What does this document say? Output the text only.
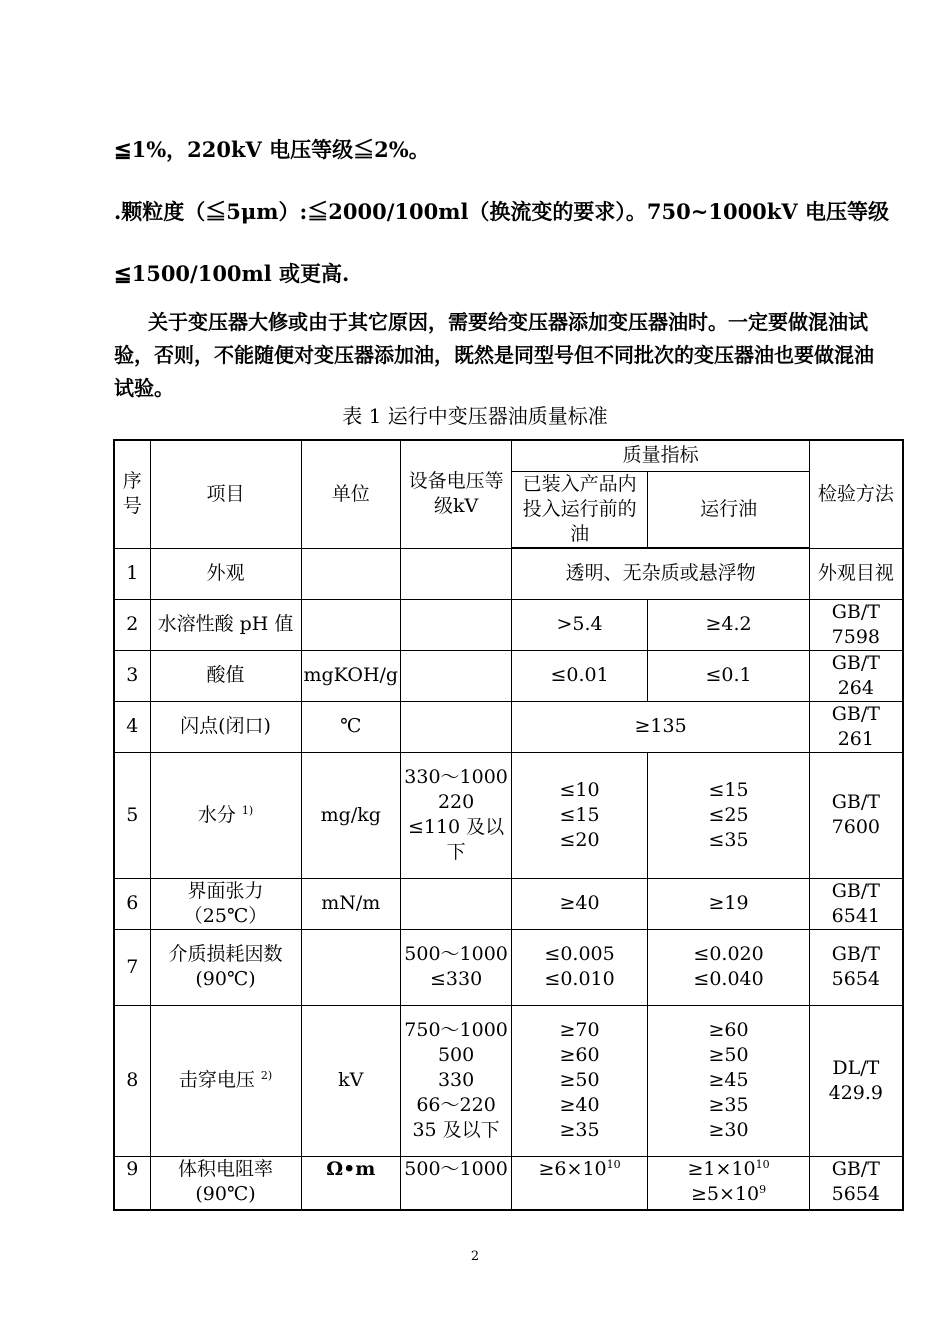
≦1%，220kV 电压等级≦2%。
.颗粒度（≦5μm）:≦2000/100ml（换流变的要求）。750~1000kV 电压等级
≦1500/100ml 或更高.
关于变压器大修或由于其它原因，需要给变压器添加变压器油时。一定要做混油试验，否则，不能随便对变压器添加油，既然是同型号但不同批次的变压器油也要做混油试验。
表 1 运行中变压器油质量标准
序号	项目	单位	设备电压等级kV	质量指标		检验方法
				已装入产品内投入运行前的油	运行油	
1	外观			透明、无杂质或悬浮物		外观目视
2	水溶性酸 pH 值			>5.4	≥4.2	GB/T 7598
3	酸值	mgKOH/g		≤0.01	≤0.1	GB/T 264
4	闪点(闭口)	℃		≥135		GB/T 261
5	水分 $^{1)}$	mg/kg	330～1000
220
≤110 及以下	≤10
≤15
≤20	≤15
≤25
≤35	GB/T 7600
6	界面张力（25℃）	mN/m		≥40	≥19	GB/T 6541
7	介质损耗因数(90℃)		500～1000
≤330	≤0.005
≤0.010	≤0.020
≤0.040	GB/T 5654
8	击穿电压 $^{2)}$	kV	750～1000
500
330
66～220
35 及以下	≥70
≥60
≥50
≥40
≥35	≥60
≥50
≥45
≥35
≥30	DL/T 429.9
9	体积电阻率(90℃)	Ω•m	500～1000	$\ge 6\times 10^{10}$	$\ge 1\times 10^{10}$
$\ge 5\times 10^9$	GB/T 5654
2
